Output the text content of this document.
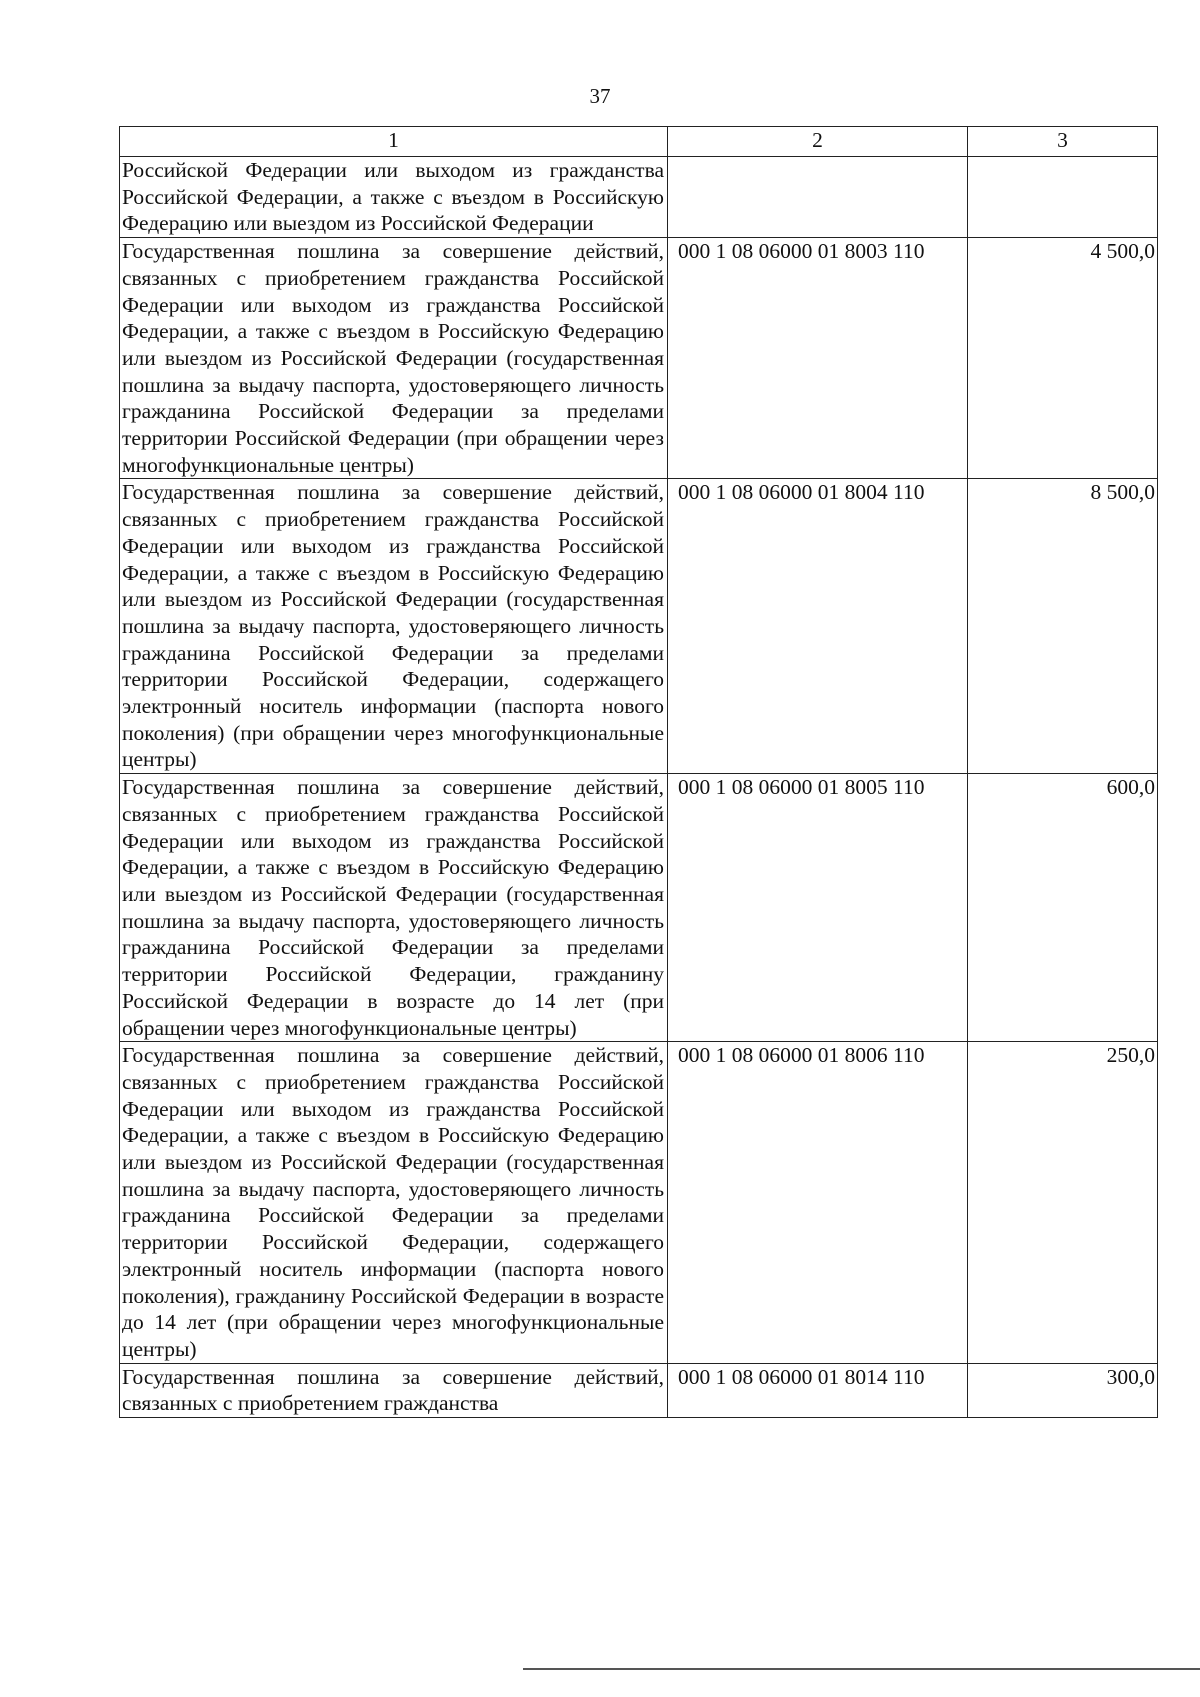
37
1	2	3
Российской Федерации или выходом из гражданства Российской Федерации, а также с въездом в Российскую Федерацию или выездом из Российской Федерации		
Государственная пошлина за совершение действий, связанных с приобретением гражданства Российской Федерации или выходом из гражданства Российской Федерации, а также с въездом в Российскую Федерацию или выездом из Российской Федерации (государственная пошлина за выдачу паспорта, удостоверяющего личность гражданина Российской Федерации за пределами территории Российской Федерации (при обращении через многофункциональные центры)	000 1 08 06000 01 8003 110	4 500,0
Государственная пошлина за совершение действий, связанных с приобретением гражданства Российской Федерации или выходом из гражданства Российской Федерации, а также с въездом в Российскую Федерацию или выездом из Российской Федерации (государственная пошлина за выдачу паспорта, удостоверяющего личность гражданина Российской Федерации за пределами территории Российской Федерации, содержащего электронный носитель информации (паспорта нового поколения) (при обращении через многофункциональные центры)	000 1 08 06000 01 8004 110	8 500,0
Государственная пошлина за совершение действий, связанных с приобретением гражданства Российской Федерации или выходом из гражданства Российской Федерации, а также с въездом в Российскую Федерацию или выездом из Российской Федерации (государственная пошлина за выдачу паспорта, удостоверяющего личность гражданина Российской Федерации за пределами территории Российской Федерации, гражданину Российской Федерации в возрасте до 14 лет (при обращении через многофункциональные центры)	000 1 08 06000 01 8005 110	600,0
Государственная пошлина за совершение действий, связанных с приобретением гражданства Российской Федерации или выходом из гражданства Российской Федерации, а также с въездом в Российскую Федерацию или выездом из Российской Федерации (государственная пошлина за выдачу паспорта, удостоверяющего личность гражданина Российской Федерации за пределами территории Российской Федерации, содержащего электронный носитель информации (паспорта нового поколения), гражданину Российской Федерации в возрасте до 14 лет (при обращении через многофункциональные центры)	000 1 08 06000 01 8006 110	250,0
Государственная пошлина за совершение действий, связанных с приобретением гражданства	000 1 08 06000 01 8014 110	300,0
